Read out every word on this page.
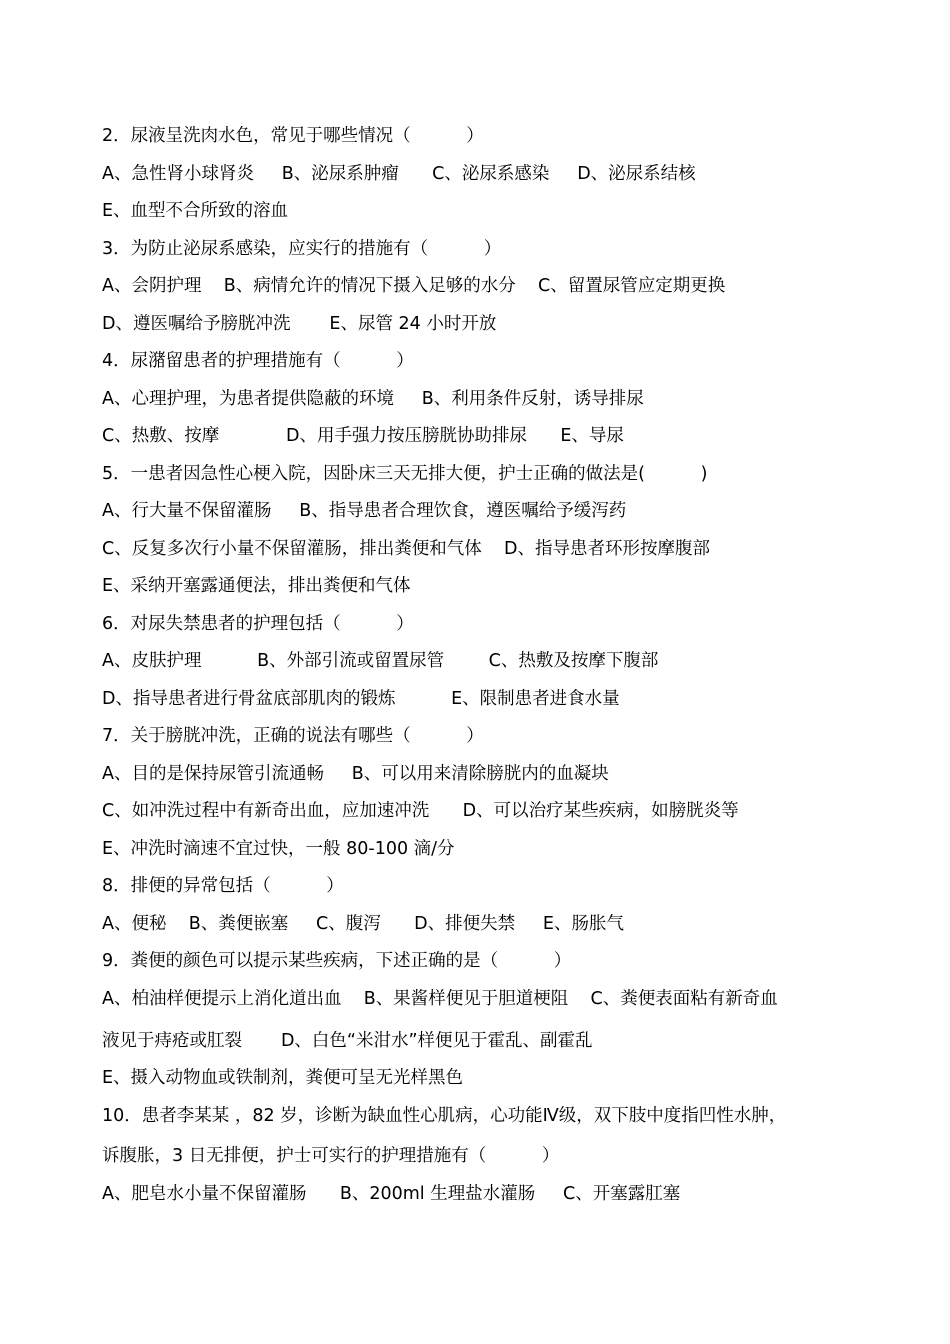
2．尿液呈洗肉水色，常见于哪些情况（          ）
A、急性肾小球肾炎     B、泌尿系肿瘤      C、泌尿系感染     D、泌尿系结核
E、血型不合所致的溶血
3．为防止泌尿系感染，应实行的措施有（          ）
A、会阴护理    B、病情允许的情况下摄入足够的水分    C、留置尿管应定期更换
D、遵医嘱给予膀胱冲洗       E、尿管 24 小时开放
4．尿潴留患者的护理措施有（          ）
A、心理护理，为患者提供隐蔽的环境     B、利用条件反射，诱导排尿
C、热敷、按摩            D、用手强力按压膀胱协助排尿      E、导尿
5．一患者因急性心梗入院，因卧床三天无排大便，护士正确的做法是(          )
A、行大量不保留灌肠     B、指导患者合理饮食，遵医嘱给予缓泻药
C、反复多次行小量不保留灌肠，排出粪便和气体    D、指导患者环形按摩腹部
E、采纳开塞露通便法，排出粪便和气体
6．对尿失禁患者的护理包括（          ）
A、皮肤护理          B、外部引流或留置尿管        C、热敷及按摩下腹部
D、指导患者进行骨盆底部肌肉的锻炼          E、限制患者进食水量
7．关于膀胱冲洗，正确的说法有哪些（          ）
A、目的是保持尿管引流通畅     B、可以用来清除膀胱内的血凝块
C、如冲洗过程中有新奇出血，应加速冲洗      D、可以治疗某些疾病，如膀胱炎等
E、冲洗时滴速不宜过快，一般 80-100 滴/分
8．排便的异常包括（          ）
A、便秘    B、粪便嵌塞     C、腹泻      D、排便失禁     E、肠胀气
9．粪便的颜色可以提示某些疾病，下述正确的是（          ）
A、柏油样便提示上消化道出血    B、果酱样便见于胆道梗阻    C、粪便表面粘有新奇血
液见于痔疮或肛裂       D、白色“米泔水”样便见于霍乱、副霍乱
E、摄入动物血或铁制剂，粪便可呈无光样黑色
10．患者李某某 ，82 岁，诊断为缺血性心肌病，心功能Ⅳ级，双下肢中度指凹性水肿，
诉腹胀，3 日无排便，护士可实行的护理措施有（          ）
A、肥皂水小量不保留灌肠      B、200ml 生理盐水灌肠     C、开塞露肛塞
